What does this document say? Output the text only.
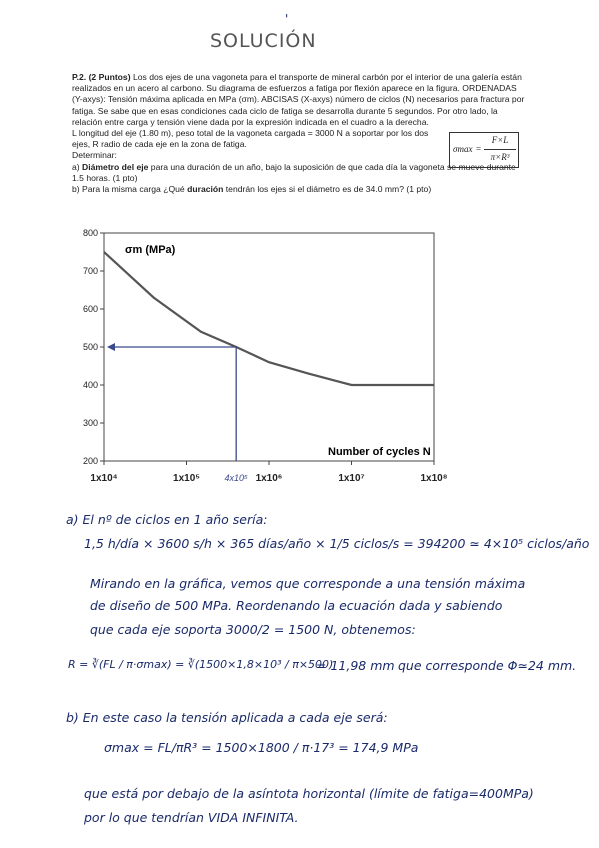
'
SOLUCIÓN

P.2. (2 Puntos) Los dos ejes de una vagoneta para el transporte de mineral carbón por el interior de una galería están realizados en un acero al carbono. Su diagrama de esfuerzos a fatiga por flexión aparece en la figura. ORDENADAS (Y-axys): Tensión máxima aplicada en MPa (σm). ABCISAS (X-axys) número de ciclos (N) necesarios para fractura por fatiga. Se sabe que en esas condiciones cada ciclo de fatiga se desarrolla durante 5 segundos. Por otro lado, la relación entre carga y tensión viene dada por la expresión indicada en el cuadro a la derecha.

L longitud del eje (1.80 m), peso total de la vagoneta cargada = 3000 N a soportar por los dos ejes, R radio de cada eje en la zona de fatiga.

Determinar:

a) Diámetro del eje para una duración de un año, bajo la suposición de que cada día la vagoneta se mueve durante 1.5 horas. (1 pto)

b) Para la misma carga ¿Qué duración tendrán los ejes si el diámetro es de 34.0 mm? (1 pto)

σmax =
F×L
π×R³
800
700
600
500
400
300
200
1x10⁴	1x10⁵	1x10⁶	1x10⁷	1x10⁸
4x10⁵
σm (MPa)
Number of cycles N
a) El nº de ciclos en 1 año sería:
1,5 h/día × 3600 s/h × 365 días/año × 1/5 ciclos/s = 394200 ≃ 4×10⁵ ciclos/año
Mirando en la gráfica, vemos que corresponde a una tensión máxima
de diseño de 500 MPa. Reordenando la ecuación dada y sabiendo
que cada eje soporta 3000/2 = 1500 N, obtenemos:
R = ∛(FL / π·σmax) = ∛(1500×1,8×10³ / π×500)
= 11,98 mm que corresponde Φ≃24 mm.
b) En este caso la tensión aplicada a cada eje será:
σmax = FL/πR³ = 1500×1800 / π·17³ = 174,9 MPa
que está por debajo de la asíntota horizontal (límite de fatiga=400MPa)
por lo que tendrían VIDA INFINITA.
